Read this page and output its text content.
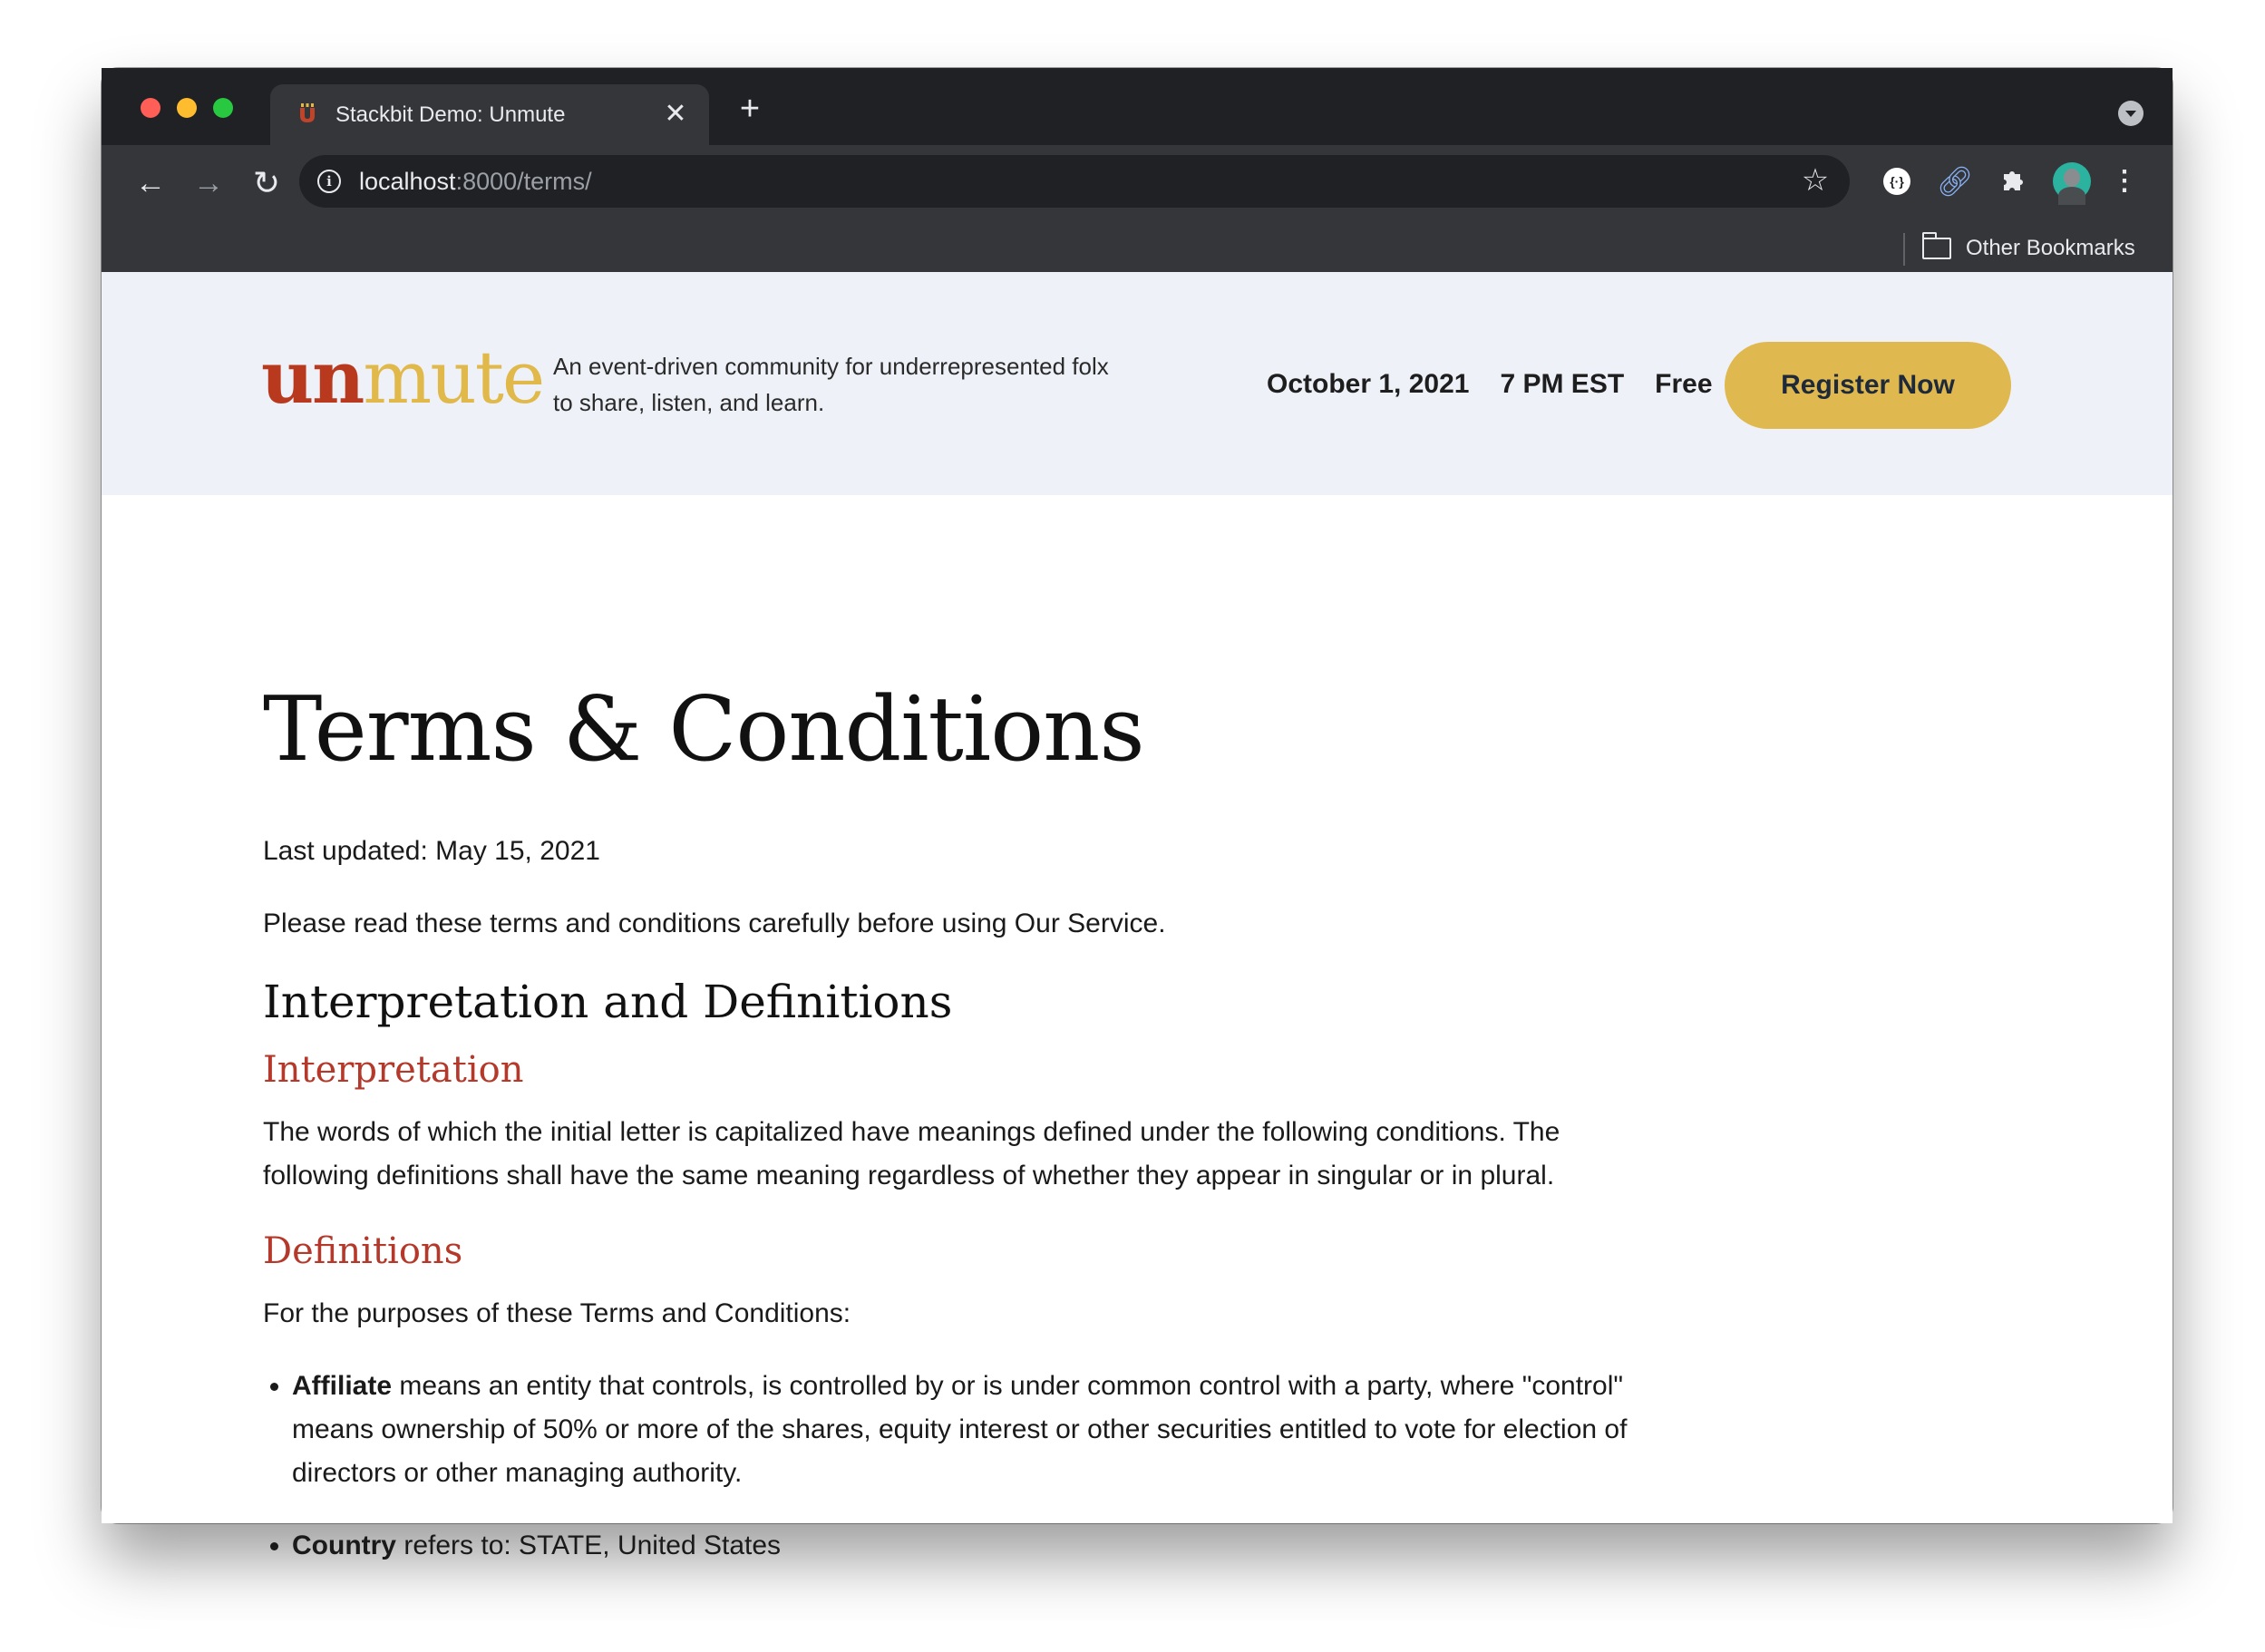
Stackbit Demo: Unmute	✕ +
← → ↻	i	localhost:8000/terms/	☆	{·}	🔗︎	⋮
Other Bookmarks
unmute An event-driven community for underrepresented folx
to share, listen, and learn.
October 1, 2021 7 PM EST Free	Register Now
Terms & Conditions

Last updated: May 15, 2021

Please read these terms and conditions carefully before using Our Service.

Interpretation and Definitions
Interpretation

The words of which the initial letter is capitalized have meanings defined under the following conditions. The following definitions shall have the same meaning regardless of whether they appear in singular or in plural.

Definitions

For the purposes of these Terms and Conditions:

• Affiliate means an entity that controls, is controlled by or is under common control with a party, where "control" means ownership of 50% or more of the shares, equity interest or other securities entitled to vote for election of directors or other managing authority.
• Country refers to: STATE, United States
